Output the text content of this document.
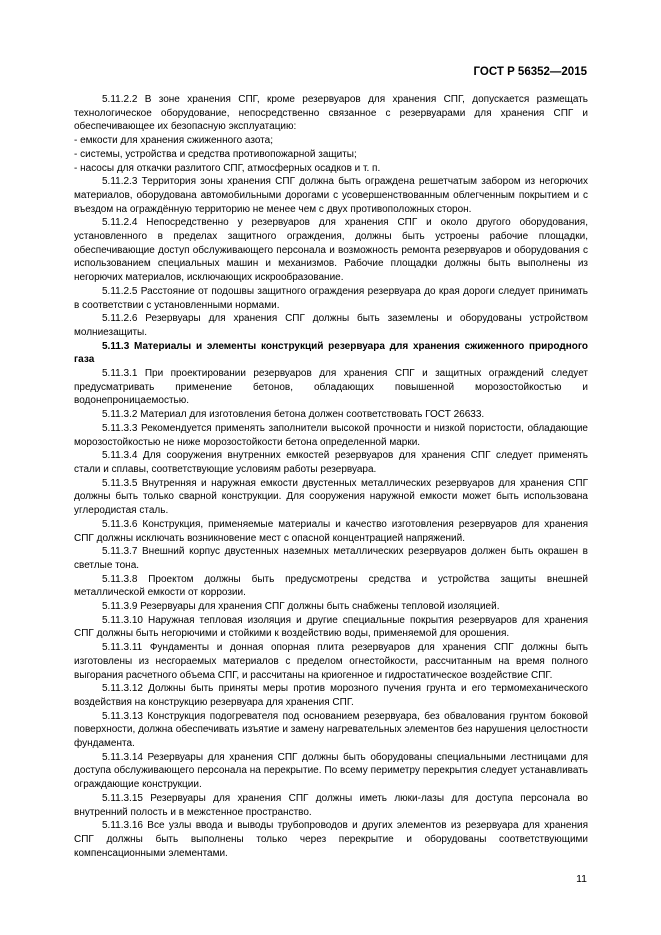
ГОСТ Р 56352—2015

5.11.2.2 В зоне хранения СПГ, кроме резервуаров для хранения СПГ, допускается размещать технологическое оборудование, непосредственно связанное с резервуарами для хранения СПГ и обеспечивающее их безопасную эксплуатацию:

- емкости для хранения сжиженного азота;

- системы, устройства и средства противопожарной защиты;

- насосы для откачки разлитого СПГ, атмосферных осадков и т. п.

5.11.2.3 Территория зоны хранения СПГ должна быть ограждена решетчатым забором из негорючих материалов, оборудована автомобильными дорогами с усовершенствованным облегченным покрытием и с въездом на ограждённую территорию не менее чем с двух противоположных сторон.

5.11.2.4 Непосредственно у резервуаров для хранения СПГ и около другого оборудования, установленного в пределах защитного ограждения, должны быть устроены рабочие площадки, обеспечивающие доступ обслуживающего персонала и возможность ремонта резервуаров и оборудования с использованием специальных машин и механизмов. Рабочие площадки должны быть выполнены из негорючих материалов, исключающих искрообразование.

5.11.2.5 Расстояние от подошвы защитного ограждения резервуара до края дороги следует принимать в соответствии с установленными нормами.

5.11.2.6 Резервуары для хранения СПГ должны быть заземлены и оборудованы устройством молниезащиты.

5.11.3 Материалы и элементы конструкций резервуара для хранения сжиженного природного газа

5.11.3.1 При проектировании резервуаров для хранения СПГ и защитных ограждений следует предусматривать применение бетонов, обладающих повышенной морозостойкостью и водонепроницаемостью.

5.11.3.2 Материал для изготовления бетона должен соответствовать ГОСТ 26633.

5.11.3.3 Рекомендуется применять заполнители высокой прочности и низкой пористости, обладающие морозостойкостью не ниже морозостойкости бетона определенной марки.

5.11.3.4 Для сооружения внутренних емкостей резервуаров для хранения СПГ следует применять стали и сплавы, соответствующие условиям работы резервуара.

5.11.3.5 Внутренняя и наружная емкости двустенных металлических резервуаров для хранения СПГ должны быть только сварной конструкции. Для сооружения наружной емкости может быть использована углеродистая сталь.

5.11.3.6 Конструкция, применяемые материалы и качество изготовления резервуаров для хранения СПГ должны исключать возникновение мест с опасной концентрацией напряжений.

5.11.3.7 Внешний корпус двустенных наземных металлических резервуаров должен быть окрашен в светлые тона.

5.11.3.8 Проектом должны быть предусмотрены средства и устройства защиты внешней металлической емкости от коррозии.

5.11.3.9 Резервуары для хранения СПГ должны быть снабжены тепловой изоляцией.

5.11.3.10 Наружная тепловая изоляция и другие специальные покрытия резервуаров для хранения СПГ должны быть негорючими и стойкими к воздействию воды, применяемой для орошения.

5.11.3.11 Фундаменты и донная опорная плита резервуаров для хранения СПГ должны быть изготовлены из несгораемых материалов с пределом огнестойкости, рассчитанным на время полного выгорания расчетного объема СПГ, и рассчитаны на криогенное и гидростатическое воздействие СПГ.

5.11.3.12 Должны быть приняты меры против морозного пучения грунта и его термомеханического воздействия на конструкцию резервуара для хранения СПГ.

5.11.3.13 Конструкция подогревателя под основанием резервуара, без обвалования грунтом боковой поверхности, должна обеспечивать изъятие и замену нагревательных элементов без нарушения целостности фундамента.

5.11.3.14 Резервуары для хранения СПГ должны быть оборудованы специальными лестницами для доступа обслуживающего персонала на перекрытие. По всему периметру перекрытия следует устанавливать ограждающие конструкции.

5.11.3.15 Резервуары для хранения СПГ должны иметь люки-лазы для доступа персонала во внутренний полость и в межстенное пространство.

5.11.3.16 Все узлы ввода и выводы трубопроводов и других элементов из резервуара для хранения СПГ должны быть выполнены только через перекрытие и оборудованы соответствующими компенсационными элементами.

11
